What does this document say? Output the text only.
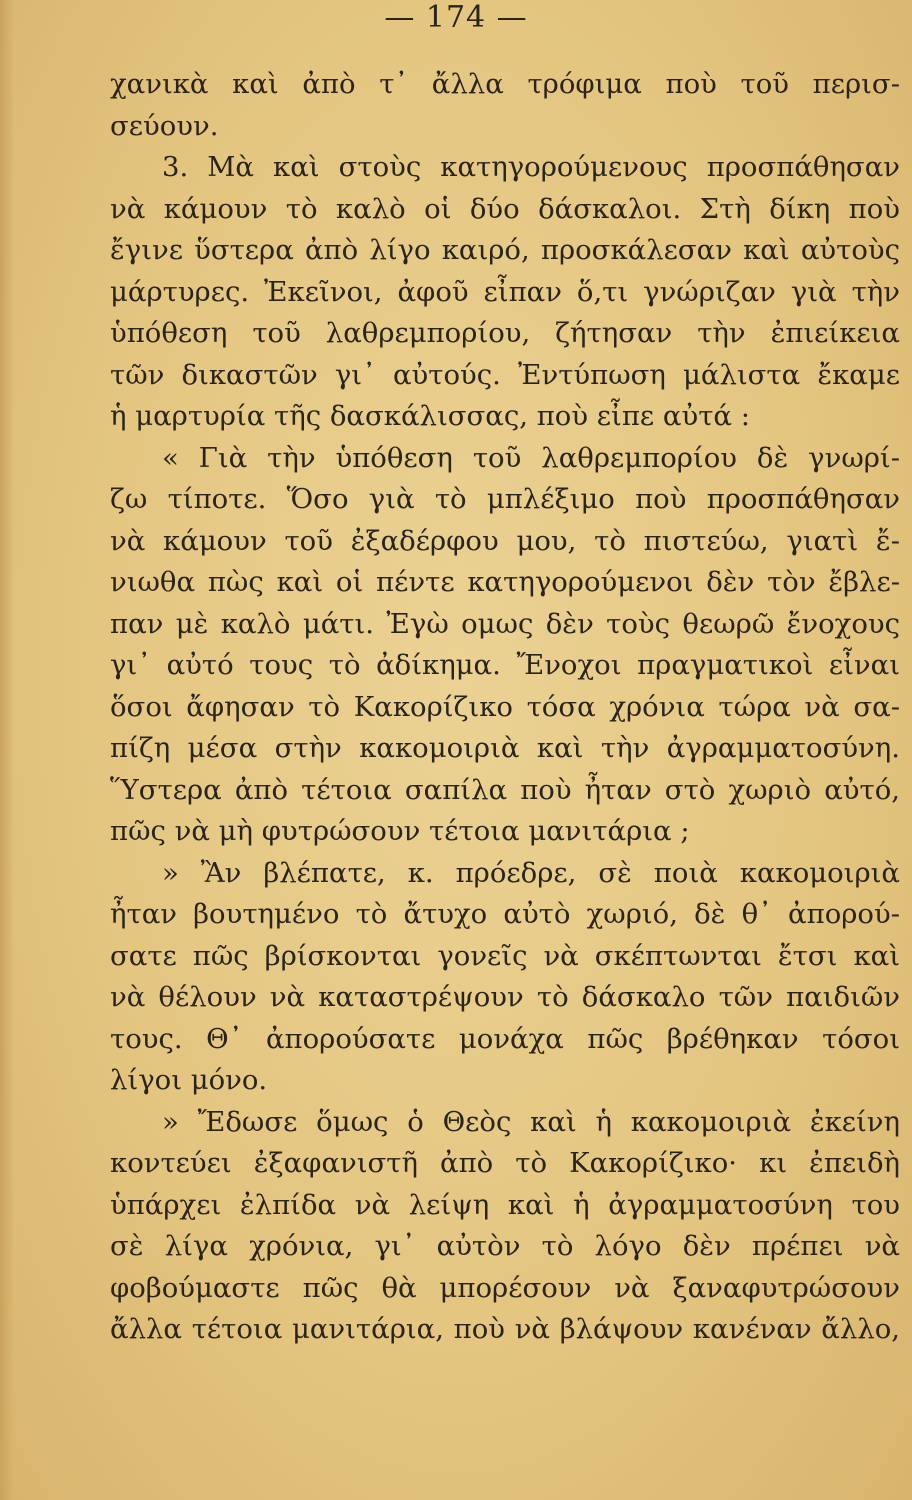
— 174 —
χανικὰ καὶ ἀπὸ τ᾽ ἄλλα τρόφιμα ποὺ τοῦ περισ-
σεύουν.
3. Μὰ καὶ στοὺς κατηγορούμενους προσπάθησαν
νὰ κάμουν τὸ καλὸ οἱ δύο δάσκαλοι. Στὴ δίκη ποὺ
ἔγινε ὕστερα ἀπὸ λίγο καιρό, προσκάλεσαν καὶ αὐτοὺς
μάρτυρες. Ἐκεῖνοι, ἀφοῦ εἶπαν ὅ,τι γνώριζαν γιὰ τὴν
ὑπόθεση τοῦ λαθρεμπορίου, ζήτησαν τὴν ἐπιείκεια
τῶν δικαστῶν γι᾽ αὐτούς. Ἐντύπωση μάλιστα ἔκαμε
ἡ μαρτυρία τῆς δασκάλισσας, ποὺ εἶπε αὐτά :
« Γιὰ τὴν ὑπόθεση τοῦ λαθρεμπορίου δὲ γνωρί-
ζω τίποτε. Ὅσο γιὰ τὸ μπλέξιμο ποὺ προσπάθησαν
νὰ κάμουν τοῦ ἐξαδέρφου μου, τὸ πιστεύω, γιατὶ ἔ-
νιωθα πὼς καὶ οἱ πέντε κατηγορούμενοι δὲν τὸν ἔβλε-
παν μὲ καλὸ μάτι. Ἐγὼ ομως δὲν τοὺς θεωρῶ ἔνοχους
γι᾽ αὐτό τους τὸ ἀδίκημα. Ἔνοχοι πραγματικοὶ εἶναι
ὅσοι ἄφησαν τὸ Κακορίζικο τόσα χρόνια τώρα νὰ σα-
πίζη μέσα στὴν κακομοιριὰ καὶ τὴν ἀγραμματοσύνη.
Ὕστερα ἀπὸ τέτοια σαπίλα ποὺ ἦταν στὸ χωριὸ αὐτό,
πῶς νὰ μὴ φυτρώσουν τέτοια μανιτάρια ;
» Ἂν βλέπατε, κ. πρόεδρε, σὲ ποιὰ κακομοιριὰ
ἦταν βουτημένο τὸ ἄτυχο αὐτὸ χωριό, δὲ θ᾽ ἀπορού-
σατε πῶς βρίσκονται γονεῖς νὰ σκέπτωνται ἔτσι καὶ
νὰ θέλουν νὰ καταστρέψουν τὸ δάσκαλο τῶν παιδιῶν
τους. Θ᾽ ἀπορούσατε μονάχα πῶς βρέθηκαν τόσοι
λίγοι μόνο.
» Ἔδωσε ὅμως ὁ Θεὸς καὶ ἡ κακομοιριὰ ἐκείνη
κοντεύει ἐξαφανιστῆ ἀπὸ τὸ Κακορίζικο· κι ἐπειδὴ
ὑπάρχει ἐλπίδα νὰ λείψη καὶ ἡ ἀγραμματοσύνη του
σὲ λίγα χρόνια, γι᾽ αὐτὸν τὸ λόγο δὲν πρέπει νὰ
φοβούμαστε πῶς θὰ μπορέσουν νὰ ξαναφυτρώσουν
ἄλλα τέτοια μανιτάρια, ποὺ νὰ βλάψουν κανέναν ἄλλο,
